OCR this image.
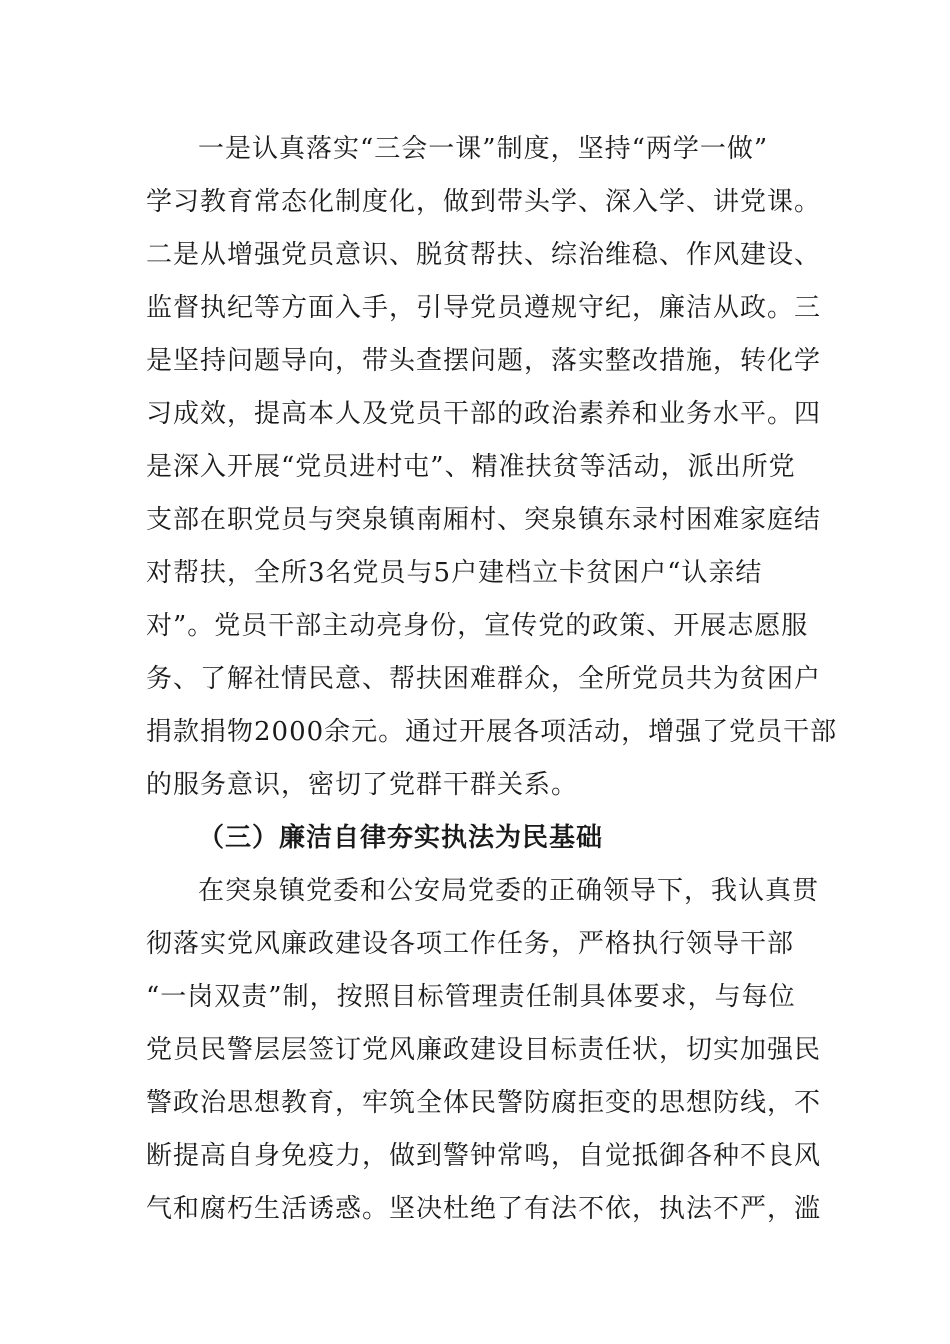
一是认真落实“三会一课”制度，坚持“两学一做”
学习教育常态化制度化，做到带头学、深入学、讲党课。
二是从增强党员意识、脱贫帮扶、综治维稳、作风建设、
监督执纪等方面入手，引导党员遵规守纪，廉洁从政。三
是坚持问题导向，带头查摆问题，落实整改措施，转化学
习成效，提高本人及党员干部的政治素养和业务水平。四
是深入开展“党员进村屯”、精准扶贫等活动，派出所党
支部在职党员与突泉镇南厢村、突泉镇东录村困难家庭结
对帮扶，全所3名党员与5户建档立卡贫困户“认亲结
对”。党员干部主动亮身份，宣传党的政策、开展志愿服
务、了解社情民意、帮扶困难群众，全所党员共为贫困户
捐款捐物2000余元。通过开展各项活动，增强了党员干部
的服务意识，密切了党群干群关系。
（三）廉洁自律夯实执法为民基础
在突泉镇党委和公安局党委的正确领导下，我认真贯
彻落实党风廉政建设各项工作任务，严格执行领导干部
“一岗双责”制，按照目标管理责任制具体要求，与每位
党员民警层层签订党风廉政建设目标责任状，切实加强民
警政治思想教育，牢筑全体民警防腐拒变的思想防线，不
断提高自身免疫力，做到警钟常鸣，自觉抵御各种不良风
气和腐朽生活诱惑。坚决杜绝了有法不依，执法不严，滥
